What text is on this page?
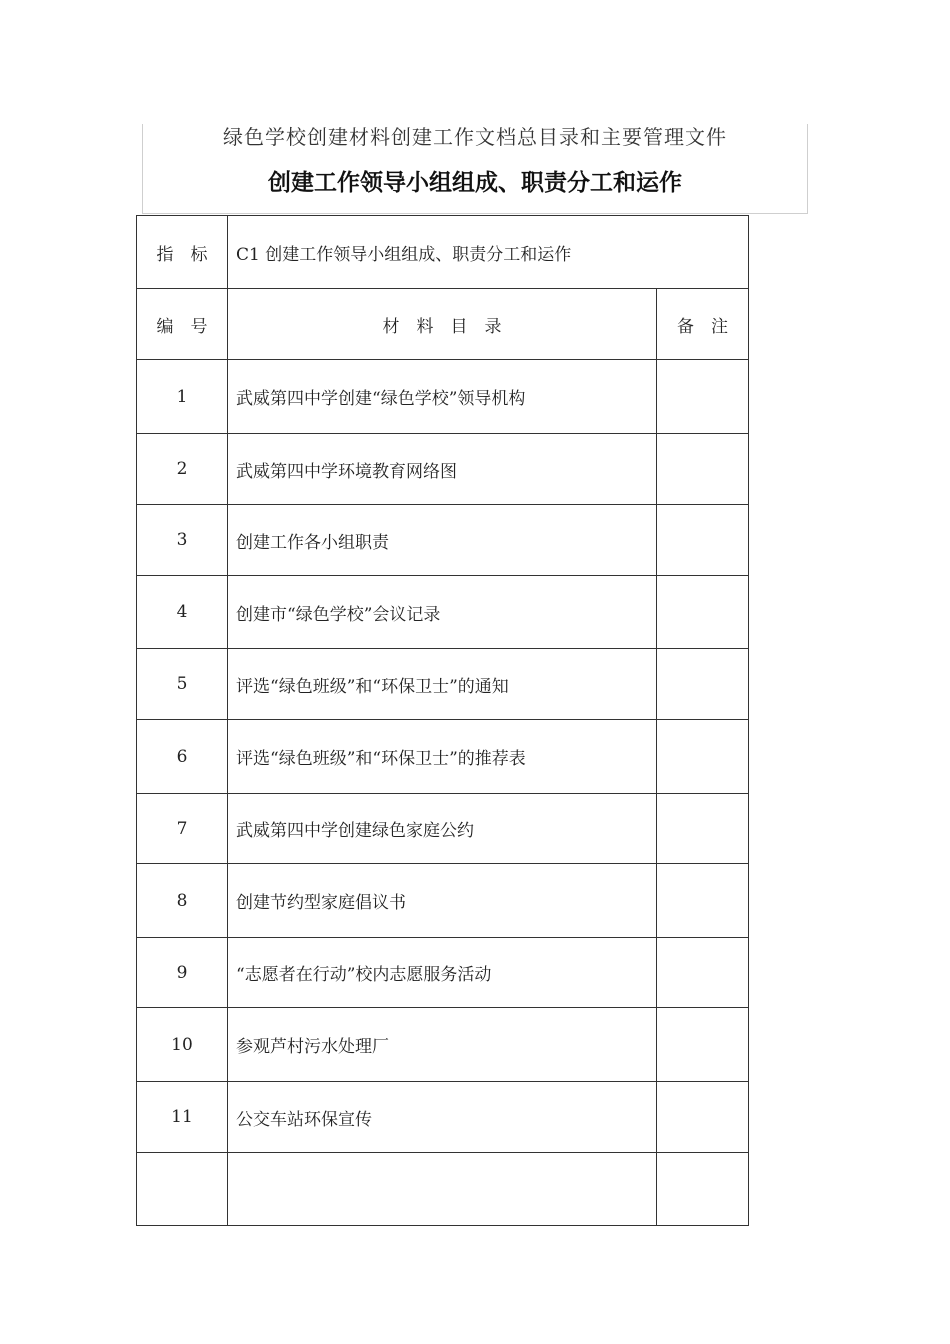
绿色学校创建材料创建工作文档总目录和主要管理文件
创建工作领导小组组成、职责分工和运作
指　标	C1 创建工作领导小组组成、职责分工和运作	
编　号	材　料　目　录	备　注
1	武威第四中学创建“绿色学校”领导机构	
2	武威第四中学环境教育网络图	
3	创建工作各小组职责	
4	创建市“绿色学校”会议记录	
5	评选“绿色班级”和“环保卫士”的通知	
6	评选“绿色班级”和“环保卫士”的推荐表	
7	武威第四中学创建绿色家庭公约	
8	创建节约型家庭倡议书	
9	“志愿者在行动”校内志愿服务活动	
10	参观芦村污水处理厂	
11	公交车站环保宣传	
